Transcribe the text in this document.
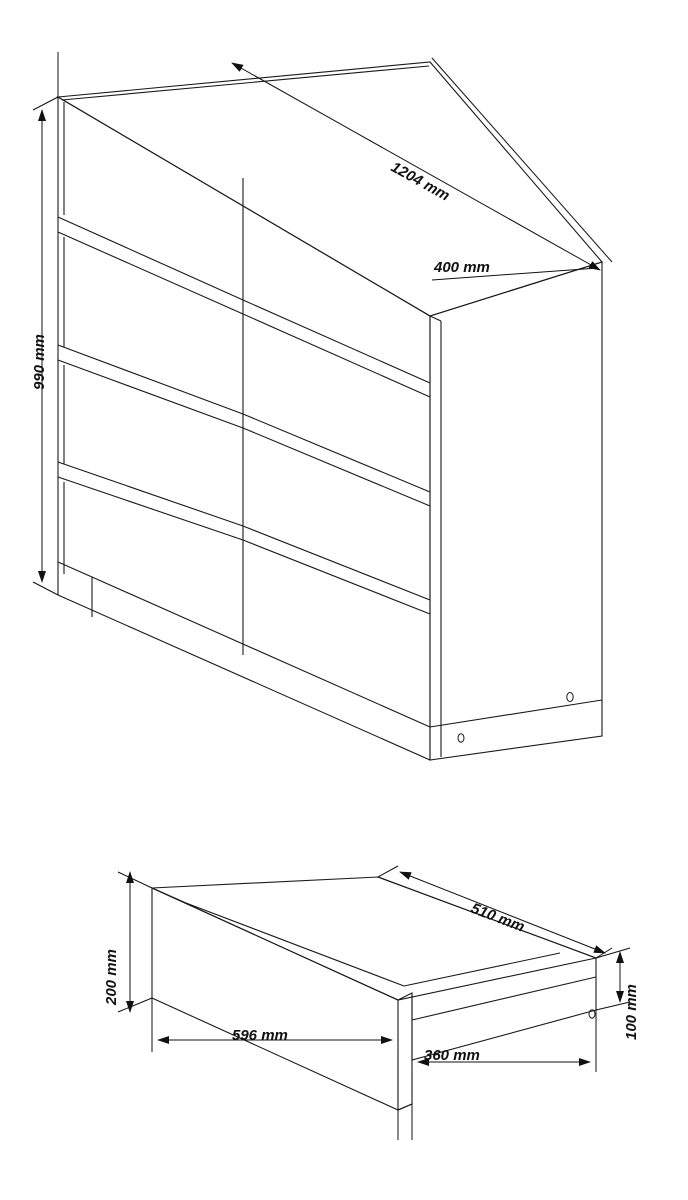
1204 mm
400 mm
990 mm
200 mm
510 mm
100 mm
596 mm
360 mm
